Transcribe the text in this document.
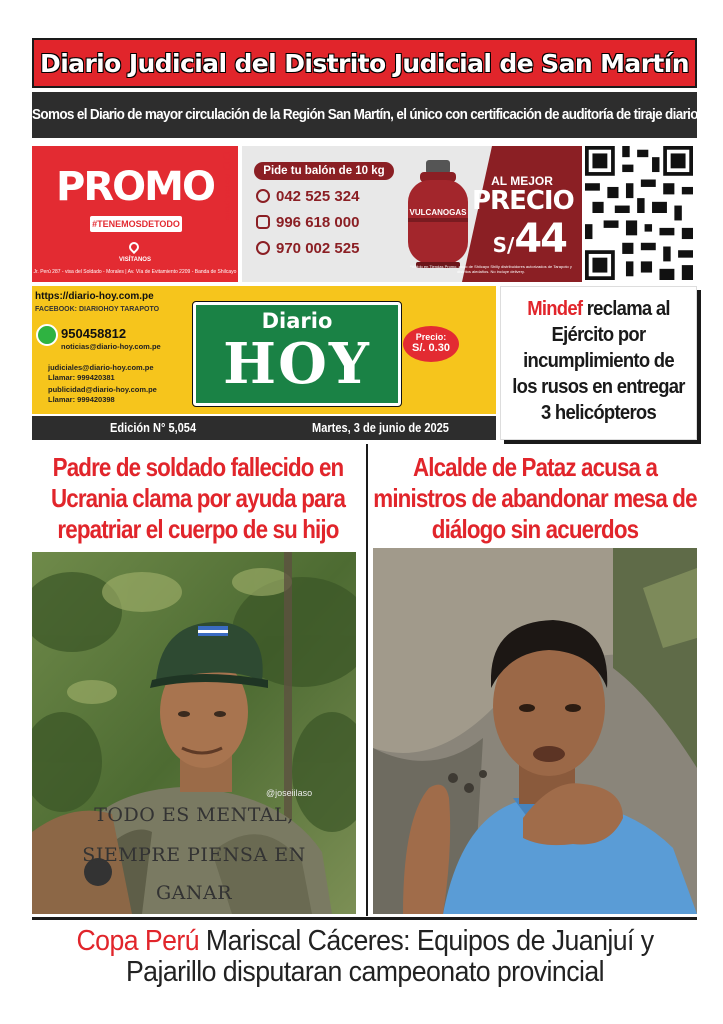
Diario Judicial del Distrito Judicial de San Martín
Somos el Diario de mayor circulación de la Región San Martín, el único con certificación de auditoría de tiraje diario
PROMO
#TENEMOSDETODO
VISÍTANOS
Jr. Perú 287 - visa del Soldado - Morales | Av. Vía de Evitamiento 2209 - Banda de Shilcayo
/tiendas.promo
Pide tu balón de 10 kg
042 525 324
996 618 000
970 002 525
VULCANOGAS
AL MEJOR
PRECIO
S/44
*Válido en Tiendas Promo, rocío de Shilcayo Shilly distribuidores autorizados de Tarapoto y distritos aledaños. No incluye delivery.
https://diario-hoy.com.pe
FACEBOOK: DIARIOHOY TARAPOTO
950458812
noticias@diario-hoy.com.pe
judiciales@diario-hoy.com.pe
Llamar: 999420381
publicidad@diario-hoy.com.pe
Llamar: 999420398
Diario
HOY	Precio:
S/. 0.30
Edición N° 5,054	Martes, 3 de junio de 2025
Mindef reclama al Ejército por incumplimiento de los rusos en entregar 3 helicópteros
Padre de soldado fallecido en Ucrania clama por ayuda para repatriar el cuerpo de su hijo
Alcalde de Pataz acusa a ministros de abandonar mesa de diálogo sin acuerdos
TODO ES MENTAL,
SIEMPRE PIENSA EN
GANAR
@joseiilaso
Copa Perú Mariscal Cáceres: Equipos de Juanjuí y Pajarillo disputaran campeonato provincial
